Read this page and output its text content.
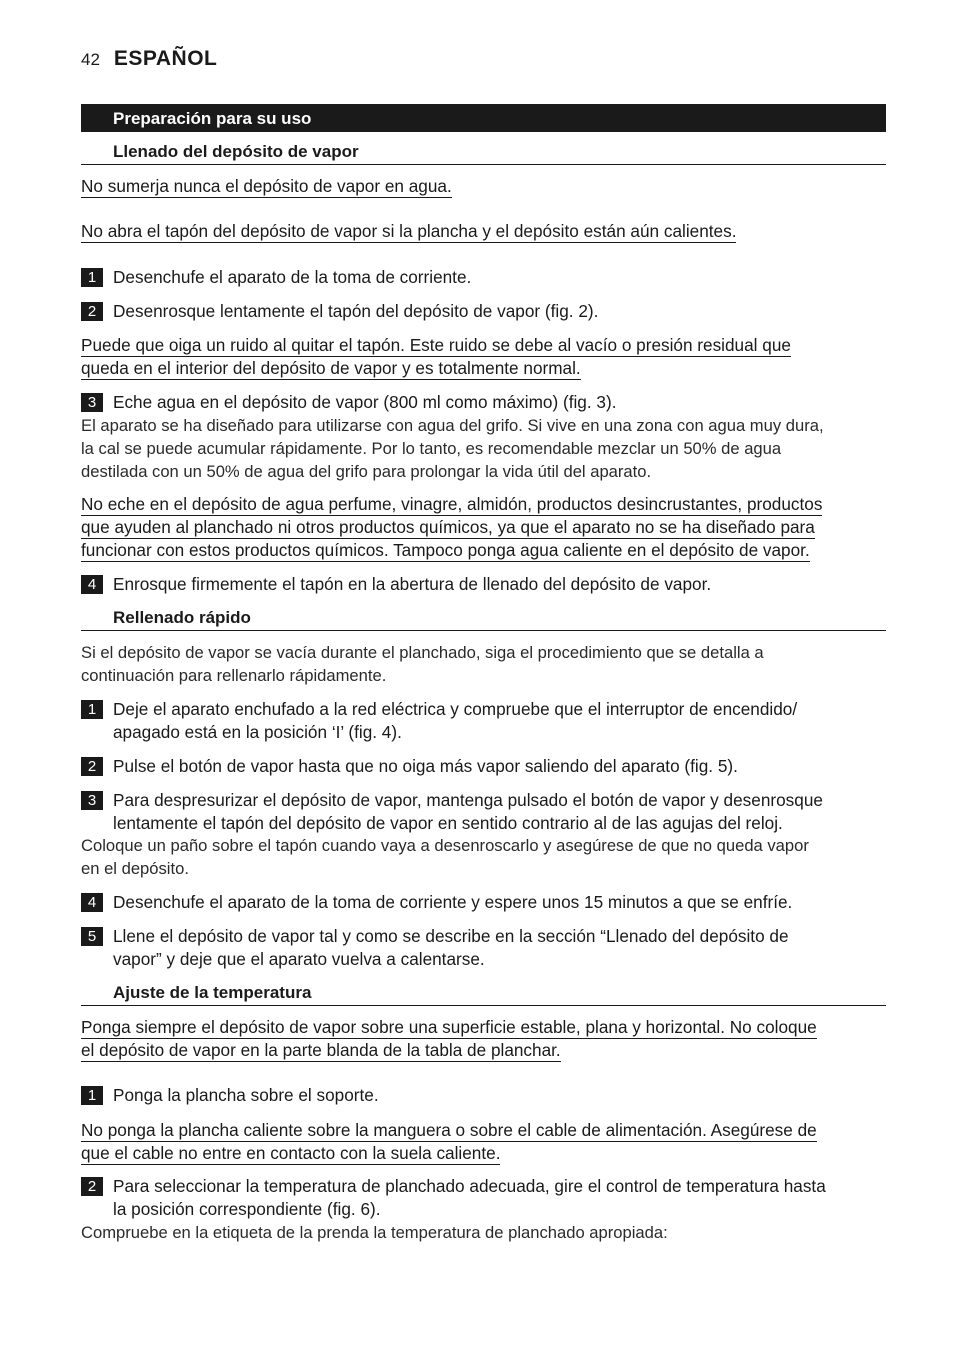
42 ESPAÑOL
Preparación para su uso
Llenado del depósito de vapor
No sumerja nunca el depósito de vapor en agua.
No abra el tapón del depósito de vapor si la plancha y el depósito están aún calientes.
1 Desenchufe el aparato de la toma de corriente.
2 Desenrosque lentamente el tapón del depósito de vapor (fig. 2).
Puede que oiga un ruido al quitar el tapón. Este ruido se debe al vacío o presión residual que
queda en el interior del depósito de vapor y es totalmente normal.
3 Eche agua en el depósito de vapor (800 ml como máximo) (fig. 3).
El aparato se ha diseñado para utilizarse con agua del grifo. Si vive en una zona con agua muy dura,
la cal se puede acumular rápidamente. Por lo tanto, es recomendable mezclar un 50% de agua
destilada con un 50% de agua del grifo para prolongar la vida útil del aparato.
No eche en el depósito de agua perfume, vinagre, almidón, productos desincrustantes, productos
que ayuden al planchado ni otros productos químicos, ya que el aparato no se ha diseñado para
funcionar con estos productos químicos. Tampoco ponga agua caliente en el depósito de vapor.
4 Enrosque firmemente el tapón en la abertura de llenado del depósito de vapor.
Rellenado rápido
Si el depósito de vapor se vacía durante el planchado, siga el procedimiento que se detalla a
continuación para rellenarlo rápidamente.
1 Deje el aparato enchufado a la red eléctrica y compruebe que el interruptor de encendido/
apagado está en la posición ‘I’ (fig. 4).
2 Pulse el botón de vapor hasta que no oiga más vapor saliendo del aparato (fig. 5).
3 Para despresurizar el depósito de vapor, mantenga pulsado el botón de vapor y desenrosque
lentamente el tapón del depósito de vapor en sentido contrario al de las agujas del reloj.
Coloque un paño sobre el tapón cuando vaya a desenroscarlo y asegúrese de que no queda vapor
en el depósito.
4 Desenchufe el aparato de la toma de corriente y espere unos 15 minutos a que se enfríe.
5 Llene el depósito de vapor tal y como se describe en la sección “Llenado del depósito de
vapor” y deje que el aparato vuelva a calentarse.
Ajuste de la temperatura
Ponga siempre el depósito de vapor sobre una superficie estable, plana y horizontal. No coloque
el depósito de vapor en la parte blanda de la tabla de planchar.
1 Ponga la plancha sobre el soporte.
No ponga la plancha caliente sobre la manguera o sobre el cable de alimentación. Asegúrese de
que el cable no entre en contacto con la suela caliente.
2 Para seleccionar la temperatura de planchado adecuada, gire el control de temperatura hasta
la posición correspondiente (fig. 6).
Compruebe en la etiqueta de la prenda la temperatura de planchado apropiada:
